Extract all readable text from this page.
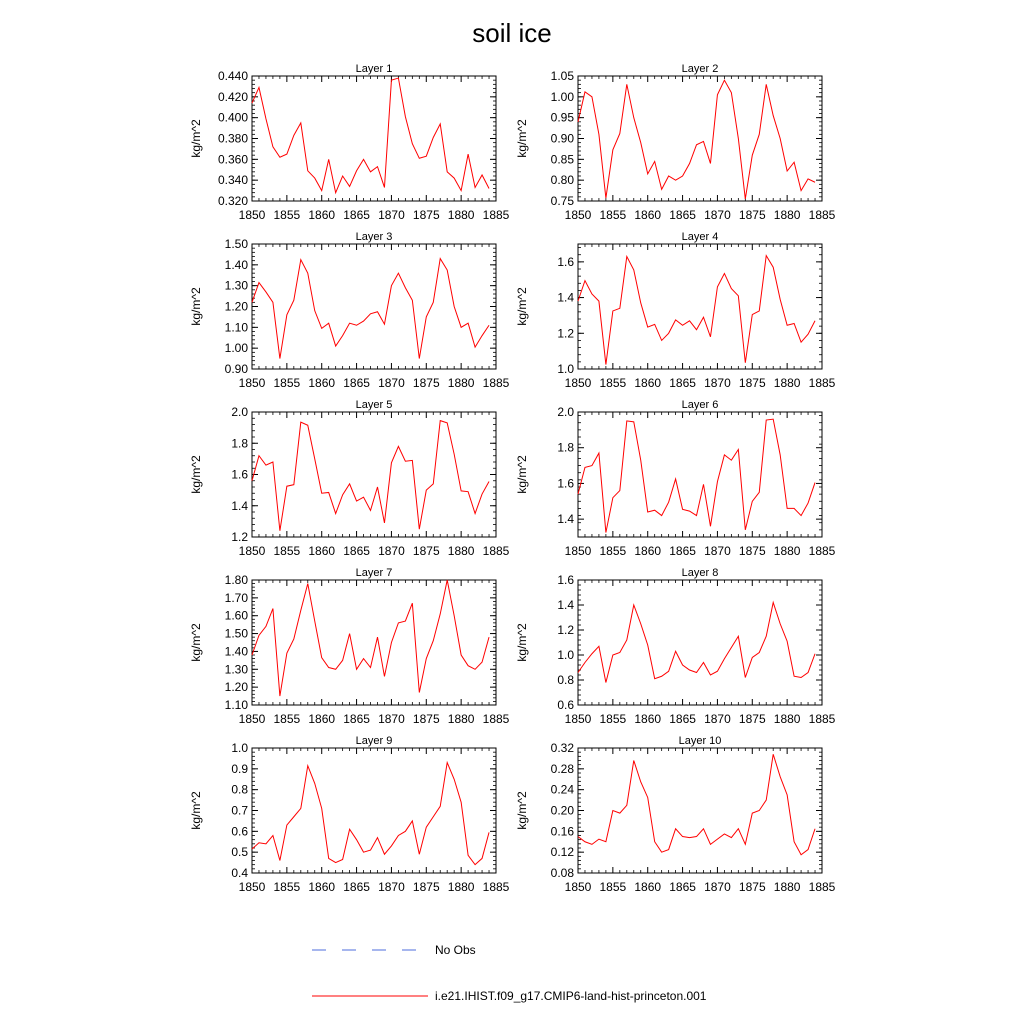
soil ice
Layer 1
kg/m^2
0.320
0.340
0.360
0.380
0.400
0.420
0.440
1850 1855 1860 1865 1870 1875 1880 1885
Layer 2
kg/m^2
0.75
0.80
0.85
0.90
0.95
1.00
1.05
1850 1855 1860 1865 1870 1875 1880 1885
Layer 3
kg/m^2
0.90
1.00
1.10
1.20
1.30
1.40
1.50
1850 1855 1860 1865 1870 1875 1880 1885
Layer 4
kg/m^2
1.0
1.2
1.4
1.6
1850 1855 1860 1865 1870 1875 1880 1885
Layer 5
kg/m^2
1.2
1.4
1.6
1.8
2.0
1850 1855 1860 1865 1870 1875 1880 1885
Layer 6
kg/m^2
1.4
1.6
1.8
2.0
1850 1855 1860 1865 1870 1875 1880 1885
Layer 7
kg/m^2
1.10
1.20
1.30
1.40
1.50
1.60
1.70
1.80
1850 1855 1860 1865 1870 1875 1880 1885
Layer 8
kg/m^2
0.6
0.8
1.0
1.2
1.4
1.6
1850 1855 1860 1865 1870 1875 1880 1885
Layer 9
kg/m^2
0.4
0.5
0.6
0.7
0.8
0.9
1.0
1850 1855 1860 1865 1870 1875 1880 1885
Layer 10
kg/m^2
0.08
0.12
0.16
0.20
0.24
0.28
0.32
1850 1855 1860 1865 1870 1875 1880 1885
No Obs
i.e21.IHIST.f09_g17.CMIP6-land-hist-princeton.001
